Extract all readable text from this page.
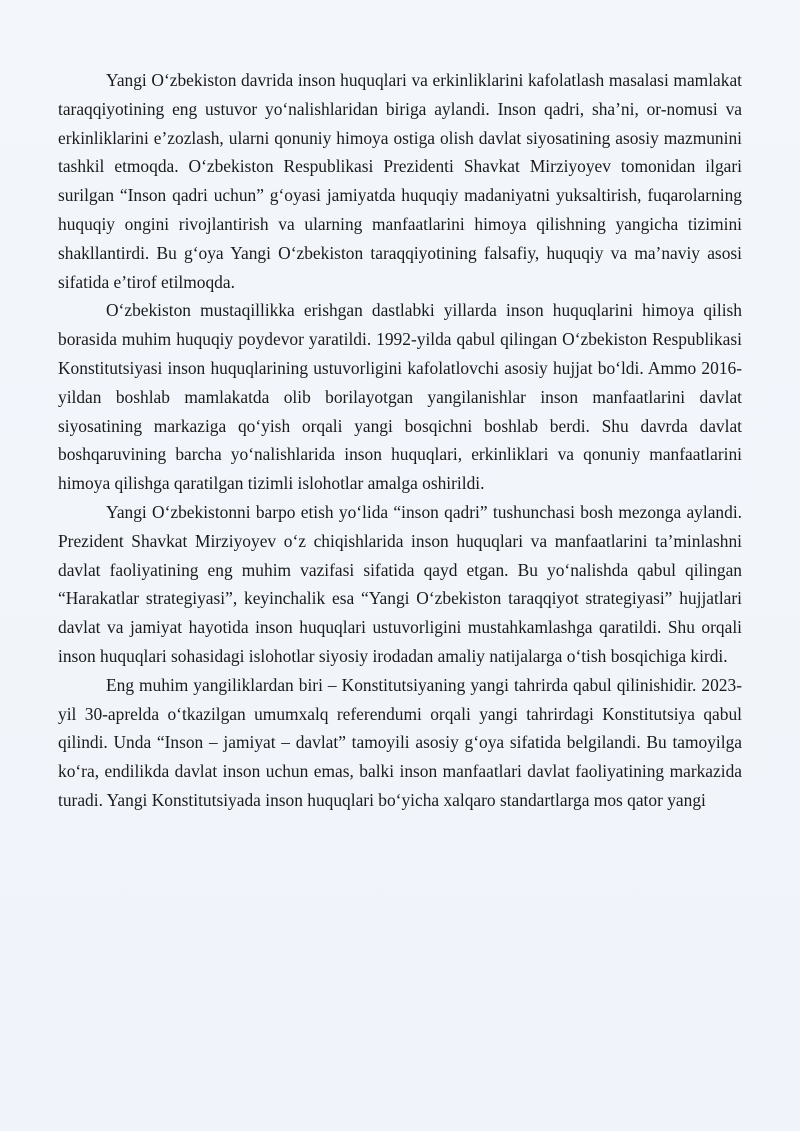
Yangi O‘zbekiston davrida inson huquqlari va erkinliklarini kafolatlash masalasi mamlakat taraqqiyotining eng ustuvor yo‘nalishlaridan biriga aylandi. Inson qadri, sha’ni, or-nomusi va erkinliklarini e’zozlash, ularni qonuniy himoya ostiga olish davlat siyosatining asosiy mazmunini tashkil etmoqda. O‘zbekiston Respublikasi Prezidenti Shavkat Mirziyoyev tomonidan ilgari surilgan “Inson qadri uchun” g‘oyasi jamiyatda huquqiy madaniyatni yuksaltirish, fuqarolarning huquqiy ongini rivojlantirish va ularning manfaatlarini himoya qilishning yangicha tizimini shakllantirdi. Bu g‘oya Yangi O‘zbekiston taraqqiyotining falsafiy, huquqiy va ma’naviy asosi sifatida e’tirof etilmoqda.

O‘zbekiston mustaqillikka erishgan dastlabki yillarda inson huquqlarini himoya qilish borasida muhim huquqiy poydevor yaratildi. 1992-yilda qabul qilingan O‘zbekiston Respublikasi Konstitutsiyasi inson huquqlarining ustuvorligini kafolatlovchi asosiy hujjat bo‘ldi. Ammo 2016-yildan boshlab mamlakatda olib borilayotgan yangilanishlar inson manfaatlarini davlat siyosatining markaziga qo‘yish orqali yangi bosqichni boshlab berdi. Shu davrda davlat boshqaruvining barcha yo‘nalishlarida inson huquqlari, erkinliklari va qonuniy manfaatlarini himoya qilishga qaratilgan tizimli islohotlar amalga oshirildi.

Yangi O‘zbekistonni barpo etish yo‘lida “inson qadri” tushunchasi bosh mezonga aylandi. Prezident Shavkat Mirziyoyev o‘z chiqishlarida inson huquqlari va manfaatlarini ta’minlashni davlat faoliyatining eng muhim vazifasi sifatida qayd etgan. Bu yo‘nalishda qabul qilingan “Harakatlar strategiyasi”, keyinchalik esa “Yangi O‘zbekiston taraqqiyot strategiyasi” hujjatlari davlat va jamiyat hayotida inson huquqlari ustuvorligini mustahkamlashga qaratildi. Shu orqali inson huquqlari sohasidagi islohotlar siyosiy irodadan amaliy natijalarga o‘tish bosqichiga kirdi.

Eng muhim yangiliklardan biri – Konstitutsiyaning yangi tahrirda qabul qilinishidir. 2023-yil 30-aprelda o‘tkazilgan umumxalq referendumi orqali yangi tahrirdagi Konstitutsiya qabul qilindi. Unda “Inson – jamiyat – davlat” tamoyili asosiy g‘oya sifatida belgilandi. Bu tamoyilga ko‘ra, endilikda davlat inson uchun emas, balki inson manfaatlari davlat faoliyatining markazida turadi. Yangi Konstitutsiyada inson huquqlari bo‘yicha xalqaro standartlarga mos qator yangi
